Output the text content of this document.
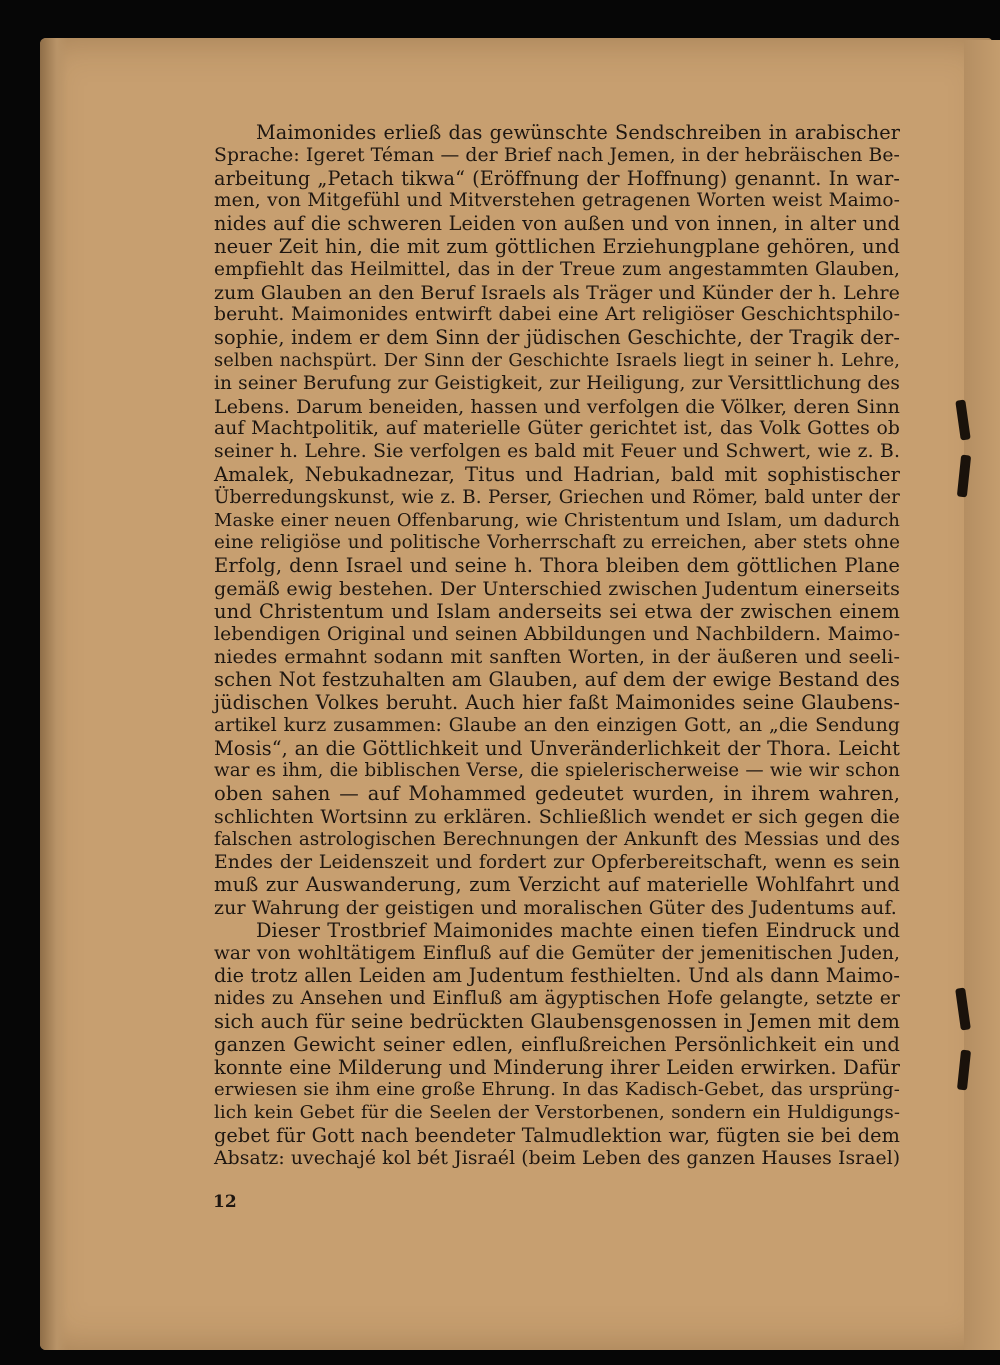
Maimonides erließ das gewünschte Sendschreiben in arabischer
Sprache: Igeret Téman — der Brief nach Jemen, in der hebräischen Be-
arbeitung „Petach tikwa“ (Eröffnung der Hoffnung) genannt. In war-
men, von Mitgefühl und Mitverstehen getragenen Worten weist Maimo-
nides auf die schweren Leiden von außen und von innen, in alter und
neuer Zeit hin, die mit zum göttlichen Erziehungplane gehören, und
empfiehlt das Heilmittel, das in der Treue zum angestammten Glauben,
zum Glauben an den Beruf Israels als Träger und Künder der h. Lehre
beruht. Maimonides entwirft dabei eine Art religiöser Geschichtsphilo-
sophie, indem er dem Sinn der jüdischen Geschichte, der Tragik der-
selben nachspürt. Der Sinn der Geschichte Israels liegt in seiner h. Lehre,
in seiner Berufung zur Geistigkeit, zur Heiligung, zur Versittlichung des
Lebens. Darum beneiden, hassen und verfolgen die Völker, deren Sinn
auf Machtpolitik, auf materielle Güter gerichtet ist, das Volk Gottes ob
seiner h. Lehre. Sie verfolgen es bald mit Feuer und Schwert, wie z. B.
Amalek, Nebukadnezar, Titus und Hadrian, bald mit sophistischer
Überredungskunst, wie z. B. Perser, Griechen und Römer, bald unter der
Maske einer neuen Offenbarung, wie Christentum und Islam, um dadurch
eine religiöse und politische Vorherrschaft zu erreichen, aber stets ohne
Erfolg, denn Israel und seine h. Thora bleiben dem göttlichen Plane
gemäß ewig bestehen. Der Unterschied zwischen Judentum einerseits
und Christentum und Islam anderseits sei etwa der zwischen einem
lebendigen Original und seinen Abbildungen und Nachbildern. Maimo-
niedes ermahnt sodann mit sanften Worten, in der äußeren und seeli-
schen Not festzuhalten am Glauben, auf dem der ewige Bestand des
jüdischen Volkes beruht. Auch hier faßt Maimonides seine Glaubens-
artikel kurz zusammen: Glaube an den einzigen Gott, an „die Sendung
Mosis“, an die Göttlichkeit und Unveränderlichkeit der Thora. Leicht
war es ihm, die biblischen Verse, die spielerischerweise — wie wir schon
oben sahen — auf Mohammed gedeutet wurden, in ihrem wahren,
schlichten Wortsinn zu erklären. Schließlich wendet er sich gegen die
falschen astrologischen Berechnungen der Ankunft des Messias und des
Endes der Leidenszeit und fordert zur Opferbereitschaft, wenn es sein
muß zur Auswanderung, zum Verzicht auf materielle Wohlfahrt und
zur Wahrung der geistigen und moralischen Güter des Judentums auf.
Dieser Trostbrief Maimonides machte einen tiefen Eindruck und
war von wohltätigem Einfluß auf die Gemüter der jemenitischen Juden,
die trotz allen Leiden am Judentum festhielten. Und als dann Maimo-
nides zu Ansehen und Einfluß am ägyptischen Hofe gelangte, setzte er
sich auch für seine bedrückten Glaubensgenossen in Jemen mit dem
ganzen Gewicht seiner edlen, einflußreichen Persönlichkeit ein und
konnte eine Milderung und Minderung ihrer Leiden erwirken. Dafür
erwiesen sie ihm eine große Ehrung. In das Kadisch-Gebet, das ursprüng-
lich kein Gebet für die Seelen der Verstorbenen, sondern ein Huldigungs-
gebet für Gott nach beendeter Talmudlektion war, fügten sie bei dem
Absatz: uvechajé kol bét Jisraél (beim Leben des ganzen Hauses Israel)
12
